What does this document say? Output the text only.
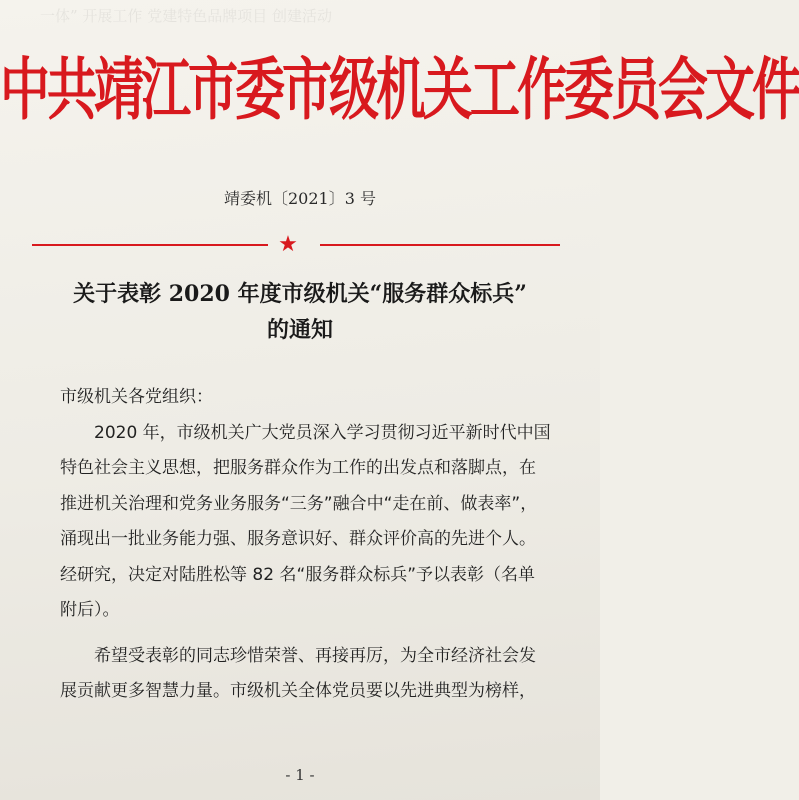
一体” 开展工作 党建特色品牌项目 创建活动
中共靖江市委市级机关工作委员会文件
靖委机〔2021〕3 号
★
关于表彰 2020 年度市级机关“服务群众标兵”
的通知
市级机关各党组织：
2020 年，市级机关广大党员深入学习贯彻习近平新时代中国
特色社会主义思想，把服务群众作为工作的出发点和落脚点，在
推进机关治理和党务业务服务“三务”融合中“走在前、做表率”，
涌现出一批业务能力强、服务意识好、群众评价高的先进个人。
经研究，决定对陆胜松等 82 名“服务群众标兵”予以表彰（名单
附后）。
希望受表彰的同志珍惜荣誉、再接再厉，为全市经济社会发
展贡献更多智慧力量。市级机关全体党员要以先进典型为榜样，
- 1 -
